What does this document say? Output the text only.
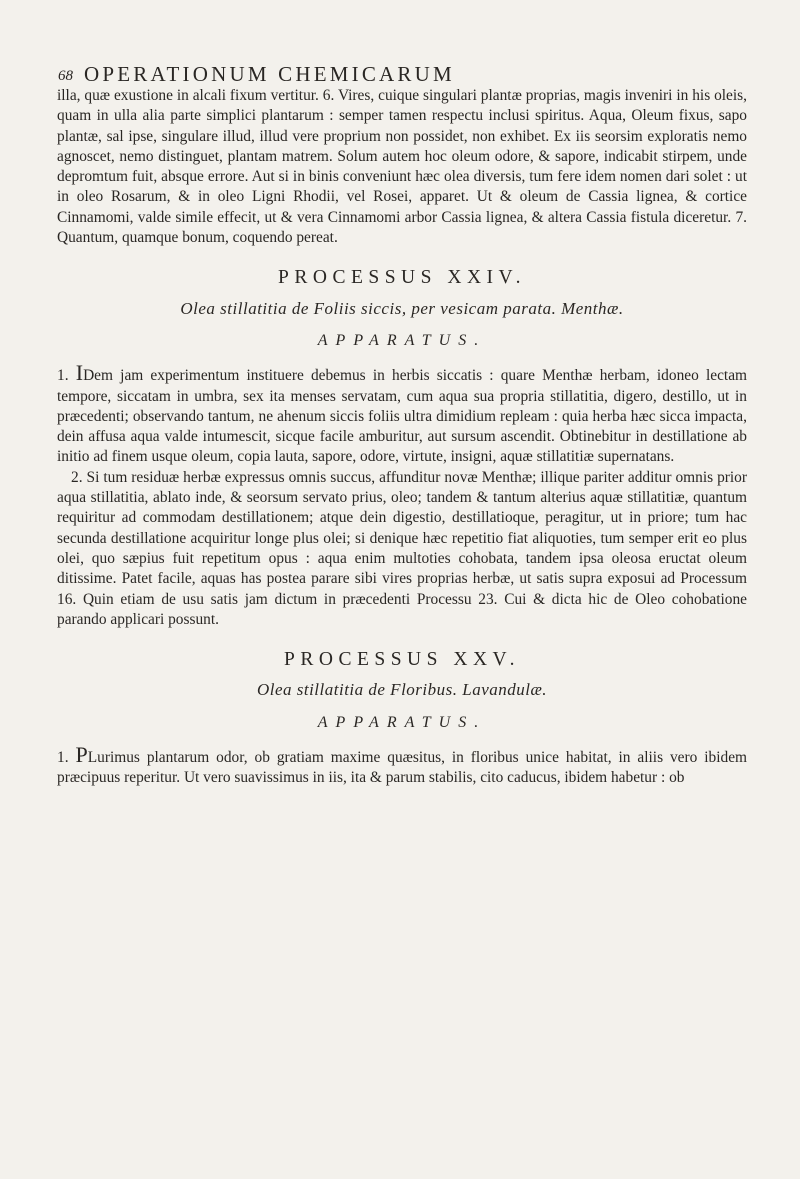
68 OPERATIONUM CHEMICARUM

illa, quæ exustione in alcali fixum vertitur. 6. Vires, cuique singulari plantæ proprias, magis inveniri in his oleis, quam in ulla alia parte simplici plantarum : semper tamen respectu inclusi spiritus. Aqua, Oleum fixus, sapo plantæ, sal ipse, singulare illud, illud vere proprium non possidet, non exhibet. Ex iis seorsim exploratis nemo agnoscet, nemo distinguet, plantam matrem. Solum autem hoc oleum odore, & sapore, indicabit stirpem, unde depromtum fuit, absque errore. Aut si in binis conveniunt hæc olea diversis, tum fere idem nomen dari solet : ut in oleo Rosarum, & in oleo Ligni Rhodii, vel Rosei, apparet. Ut & oleum de Cassia lignea, & cortice Cinnamomi, valde simile effecit, ut & vera Cinnamomi arbor Cassia lignea, & altera Cassia fistula diceretur. 7. Quantum, quamque bonum, coquendo pereat.

PROCESSUS XXIV.
Olea stillatitia de Foliis siccis, per vesicam parata. Menthæ.
APPARATUS.

1. IDem jam experimentum instituere debemus in herbis siccatis : quare Menthæ herbam, idoneo lectam tempore, siccatam in umbra, sex ita menses servatam, cum aqua sua propria stillatitia, digero, destillo, ut in præcedenti; observando tantum, ne ahenum siccis foliis ultra dimidium repleam : quia herba hæc sicca impacta, dein affusa aqua valde intumescit, sicque facile amburitur, aut sursum ascendit. Obtinebitur in destillatione ab initio ad finem usque oleum, copia lauta, sapore, odore, virtute, insigni, aquæ stillatitiæ supernatans.

2. Si tum residuæ herbæ expressus omnis succus, affunditur novæ Menthæ; illique pariter additur omnis prior aqua stillatitia, ablato inde, & seorsum servato prius, oleo; tandem & tantum alterius aquæ stillatitiæ, quantum requiritur ad commodam destillationem; atque dein digestio, destillatioque, peragitur, ut in priore; tum hac secunda destillatione acquiritur longe plus olei; si denique hæc repetitio fiat aliquoties, tum semper erit eo plus olei, quo sæpius fuit repetitum opus : aqua enim multoties cohobata, tandem ipsa oleosa eructat oleum ditissime. Patet facile, aquas has postea parare sibi vires proprias herbæ, ut satis supra exposui ad Processum 16. Quin etiam de usu satis jam dictum in præcedenti Processu 23. Cui & dicta hic de Oleo cohobatione parando applicari possunt.

PROCESSUS XXV.
Olea stillatitia de Floribus. Lavandulæ.
APPARATUS.

1. PLurimus plantarum odor, ob gratiam maxime quæsitus, in floribus unice habitat, in aliis vero ibidem præcipuus reperitur. Ut vero suavissimus in iis, ita & parum stabilis, cito caducus, ibidem habetur : ob
